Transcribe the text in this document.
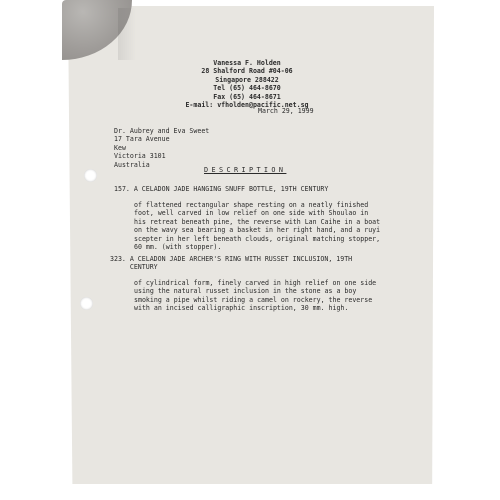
Vanessa F. Holden
28 Shalford Road #04-06
Singapore 288422
Tel (65) 464-8670
Fax (65) 464-8671
E-mail: vfholden@pacific.net.sg
March 29, 1999
Dr. Aubrey and Eva Sweet
17 Tara Avenue
Kew
Victoria 3101
Australia
DESCRIPTION
157. A CELADON JADE HANGING SNUFF BOTTLE, 19TH CENTURY
of flattened rectangular shape resting on a neatly finished
foot, well carved in low relief on one side with Shoulao in
his retreat beneath pine, the reverse with Lan Caihe in a boat
on the wavy sea bearing a basket in her right hand, and a ruyi
scepter in her left beneath clouds, original matching stopper,
60 mm. (with stopper).
323. A CELADON JADE ARCHER'S RING WITH RUSSET INCLUSION, 19TH
CENTURY
of cylindrical form, finely carved in high relief on one side
using the natural russet inclusion in the stone as a boy
smoking a pipe whilst riding a camel on rockery, the reverse
with an incised calligraphic inscription, 30 mm. high.
